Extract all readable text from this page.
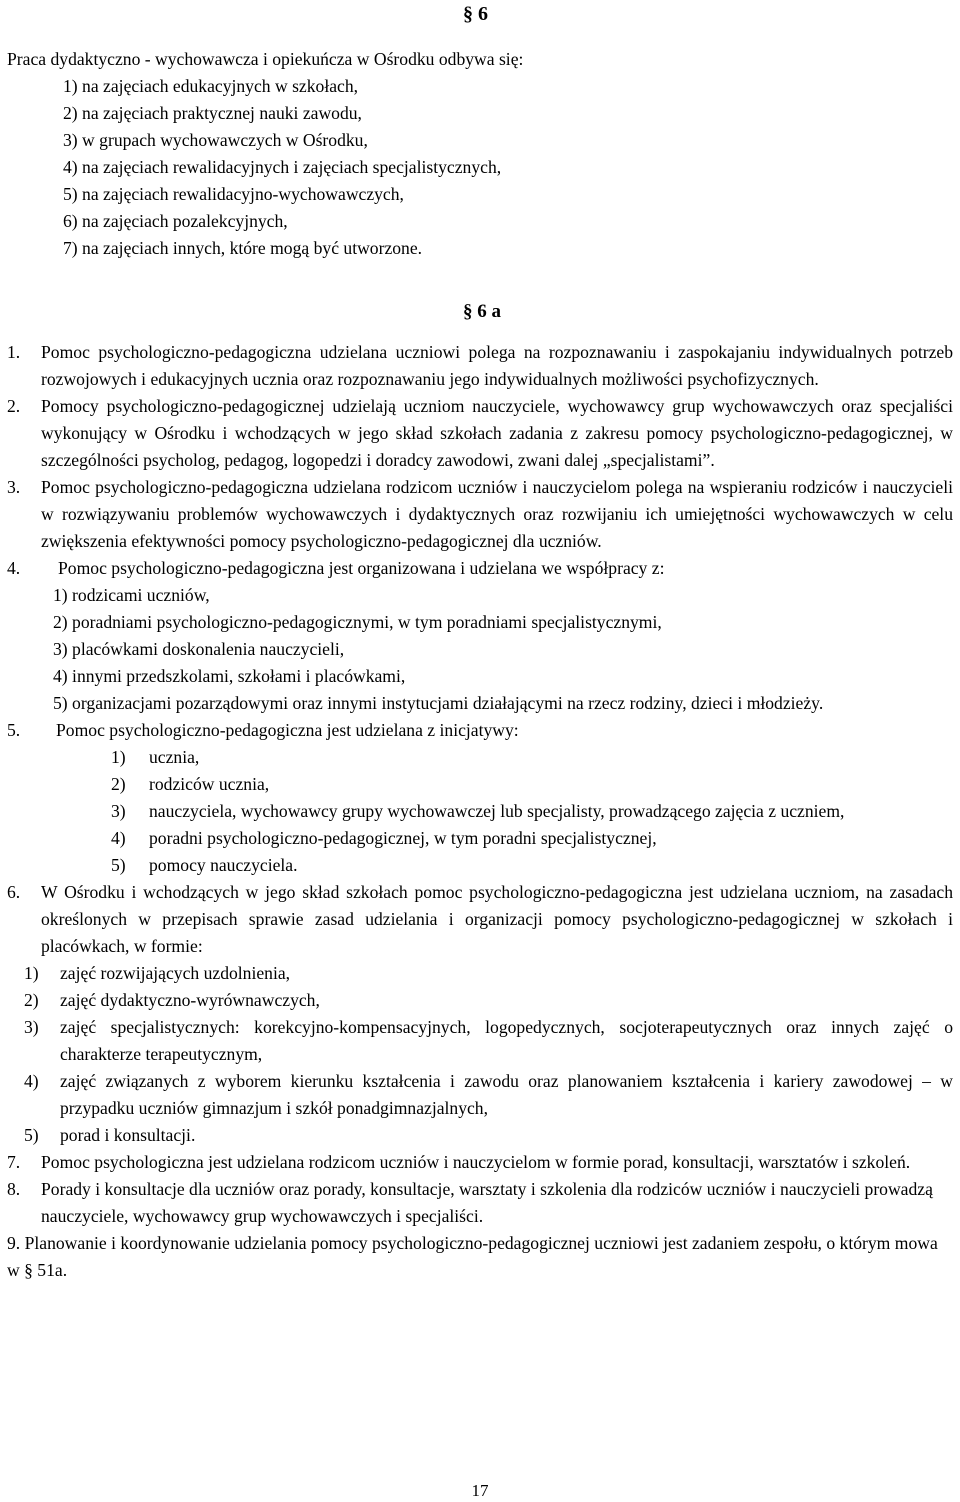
§ 6
Praca dydaktyczno - wychowawcza i opiekuńcza w Ośrodku odbywa się:
1) na zajęciach edukacyjnych w szkołach,
2) na zajęciach praktycznej nauki zawodu,
3) w grupach wychowawczych w Ośrodku,
4) na zajęciach rewalidacyjnych i zajęciach specjalistycznych,
5) na zajęciach rewalidacyjno-wychowawczych,
6) na zajęciach pozalekcyjnych,
7) na zajęciach innych, które mogą być utworzone.
§ 6 a
1. Pomoc psychologiczno-pedagogiczna udzielana uczniowi polega na rozpoznawaniu i zaspokajaniu indywidualnych potrzeb rozwojowych i edukacyjnych ucznia oraz rozpoznawaniu jego indywidualnych możliwości psychofizycznych.
2. Pomocy psychologiczno-pedagogicznej udzielają uczniom nauczyciele, wychowawcy grup wychowawczych oraz specjaliści wykonujący w Ośrodku i wchodzących w jego skład szkołach zadania z zakresu pomocy psychologiczno-pedagogicznej, w szczególności psycholog, pedagog, logopedzi i doradcy zawodowi, zwani dalej „specjalistami”.
3. Pomoc psychologiczno-pedagogiczna udzielana rodzicom uczniów i nauczycielom polega na wspieraniu rodziców i nauczycieli w rozwiązywaniu problemów wychowawczych i dydaktycznych oraz rozwijaniu ich umiejętności wychowawczych w celu zwiększenia efektywności pomocy psychologiczno-pedagogicznej dla uczniów.
4.	Pomoc psychologiczno-pedagogiczna jest organizowana i udzielana we współpracy z:
1) rodzicami uczniów,
2) poradniami psychologiczno-pedagogicznymi, w tym poradniami specjalistycznymi,
3) placówkami doskonalenia nauczycieli,
4) innymi przedszkolami, szkołami i placówkami,
5) organizacjami pozarządowymi oraz innymi instytucjami działającymi na rzecz rodziny, dzieci i młodzieży.
5.	Pomoc psychologiczno-pedagogiczna jest udzielana z inicjatywy:
1) ucznia,
2) rodziców ucznia,
3) nauczyciela, wychowawcy grupy wychowawczej lub specjalisty, prowadzącego zajęcia z uczniem,
4) poradni psychologiczno-pedagogicznej, w tym poradni specjalistycznej,
5) pomocy nauczyciela.
6. W Ośrodku i wchodzących w jego skład szkołach pomoc psychologiczno-pedagogiczna jest udzielana uczniom, na zasadach określonych w przepisach sprawie zasad udzielania i organizacji pomocy psychologiczno-pedagogicznej w szkołach i placówkach, w formie:
1) zajęć rozwijających uzdolnienia,
2) zajęć dydaktyczno-wyrównawczych,
3) zajęć specjalistycznych: korekcyjno-kompensacyjnych, logopedycznych, socjoterapeutycznych oraz innych zajęć o charakterze terapeutycznym,
4) zajęć związanych z wyborem kierunku kształcenia i zawodu oraz planowaniem kształcenia i kariery zawodowej – w przypadku uczniów gimnazjum i szkół ponadgimnazjalnych,
5) porad i konsultacji.
7. Pomoc psychologiczna jest udzielana rodzicom uczniów i nauczycielom w formie porad, konsultacji, warsztatów i szkoleń.
8. Porady i konsultacje dla uczniów oraz porady, konsultacje, warsztaty i szkolenia dla rodziców uczniów i nauczycieli prowadzą nauczyciele, wychowawcy grup wychowawczych i specjaliści.
9. Planowanie i koordynowanie udzielania pomocy psychologiczno-pedagogicznej uczniowi jest zadaniem zespołu, o którym mowa w § 51a.
17
